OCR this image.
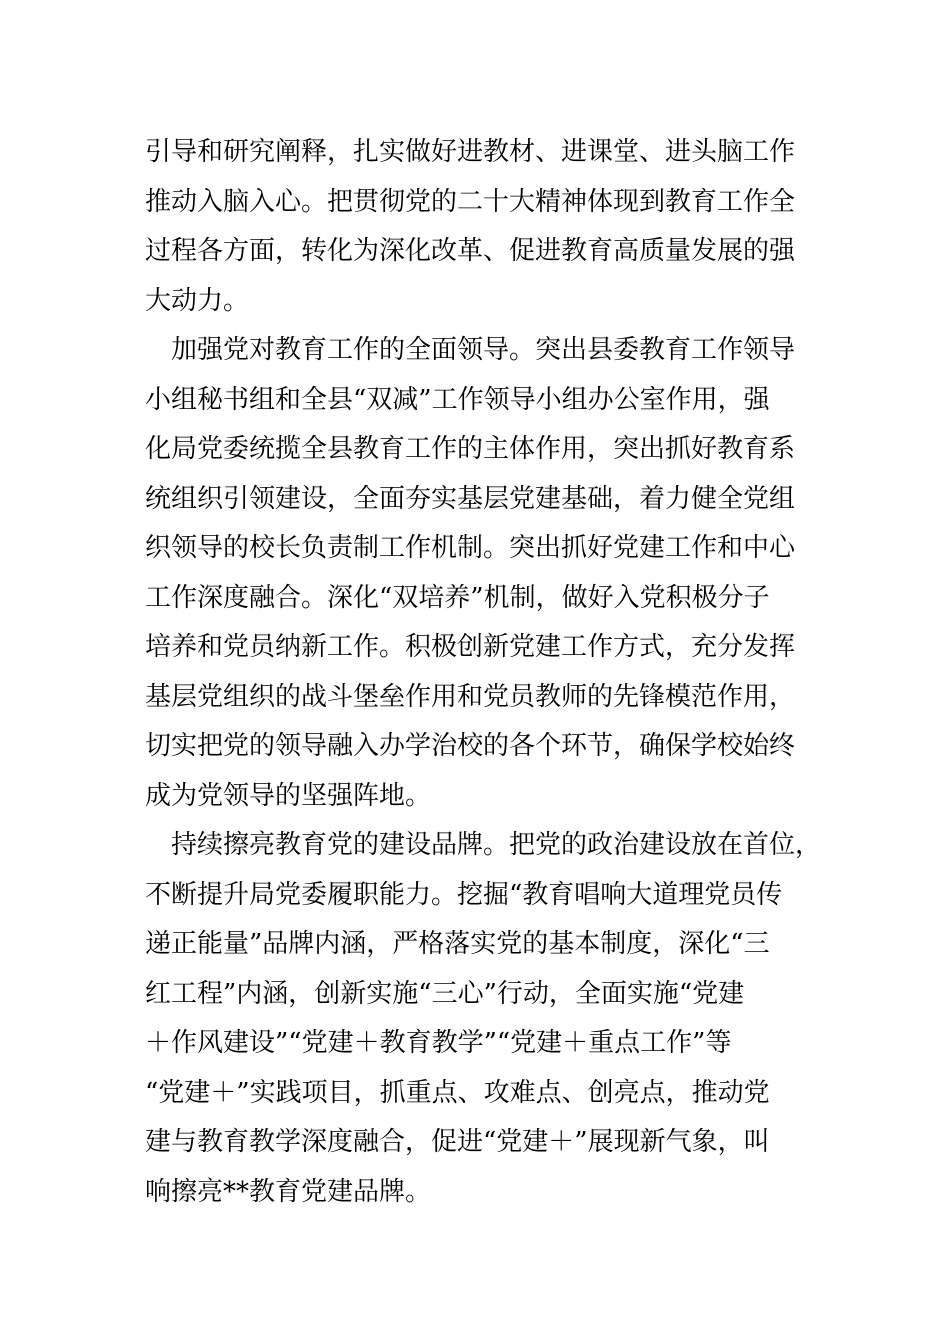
引导和研究阐释，扎实做好进教材、进课堂、进头脑工作
推动入脑入心。把贯彻党的二十大精神体现到教育工作全
过程各方面，转化为深化改革、促进教育高质量发展的强
大动力。
　加强党对教育工作的全面领导。突出县委教育工作领导
小组秘书组和全县“双减”工作领导小组办公室作用，强
化局党委统揽全县教育工作的主体作用，突出抓好教育系
统组织引领建设，全面夯实基层党建基础，着力健全党组
织领导的校长负责制工作机制。突出抓好党建工作和中心
工作深度融合。深化“双培养”机制，做好入党积极分子
培养和党员纳新工作。积极创新党建工作方式，充分发挥
基层党组织的战斗堡垒作用和党员教师的先锋模范作用，
切实把党的领导融入办学治校的各个环节，确保学校始终
成为党领导的坚强阵地。
　持续擦亮教育党的建设品牌。把党的政治建设放在首位，
不断提升局党委履职能力。挖掘“教育唱响大道理党员传
递正能量”品牌内涵，严格落实党的基本制度，深化“三
红工程”内涵，创新实施“三心”行动，全面实施“党建
＋作风建设”“党建＋教育教学”“党建＋重点工作”等
“党建＋”实践项目，抓重点、攻难点、创亮点，推动党
建与教育教学深度融合，促进“党建＋”展现新气象，叫
响擦亮**教育党建品牌。
